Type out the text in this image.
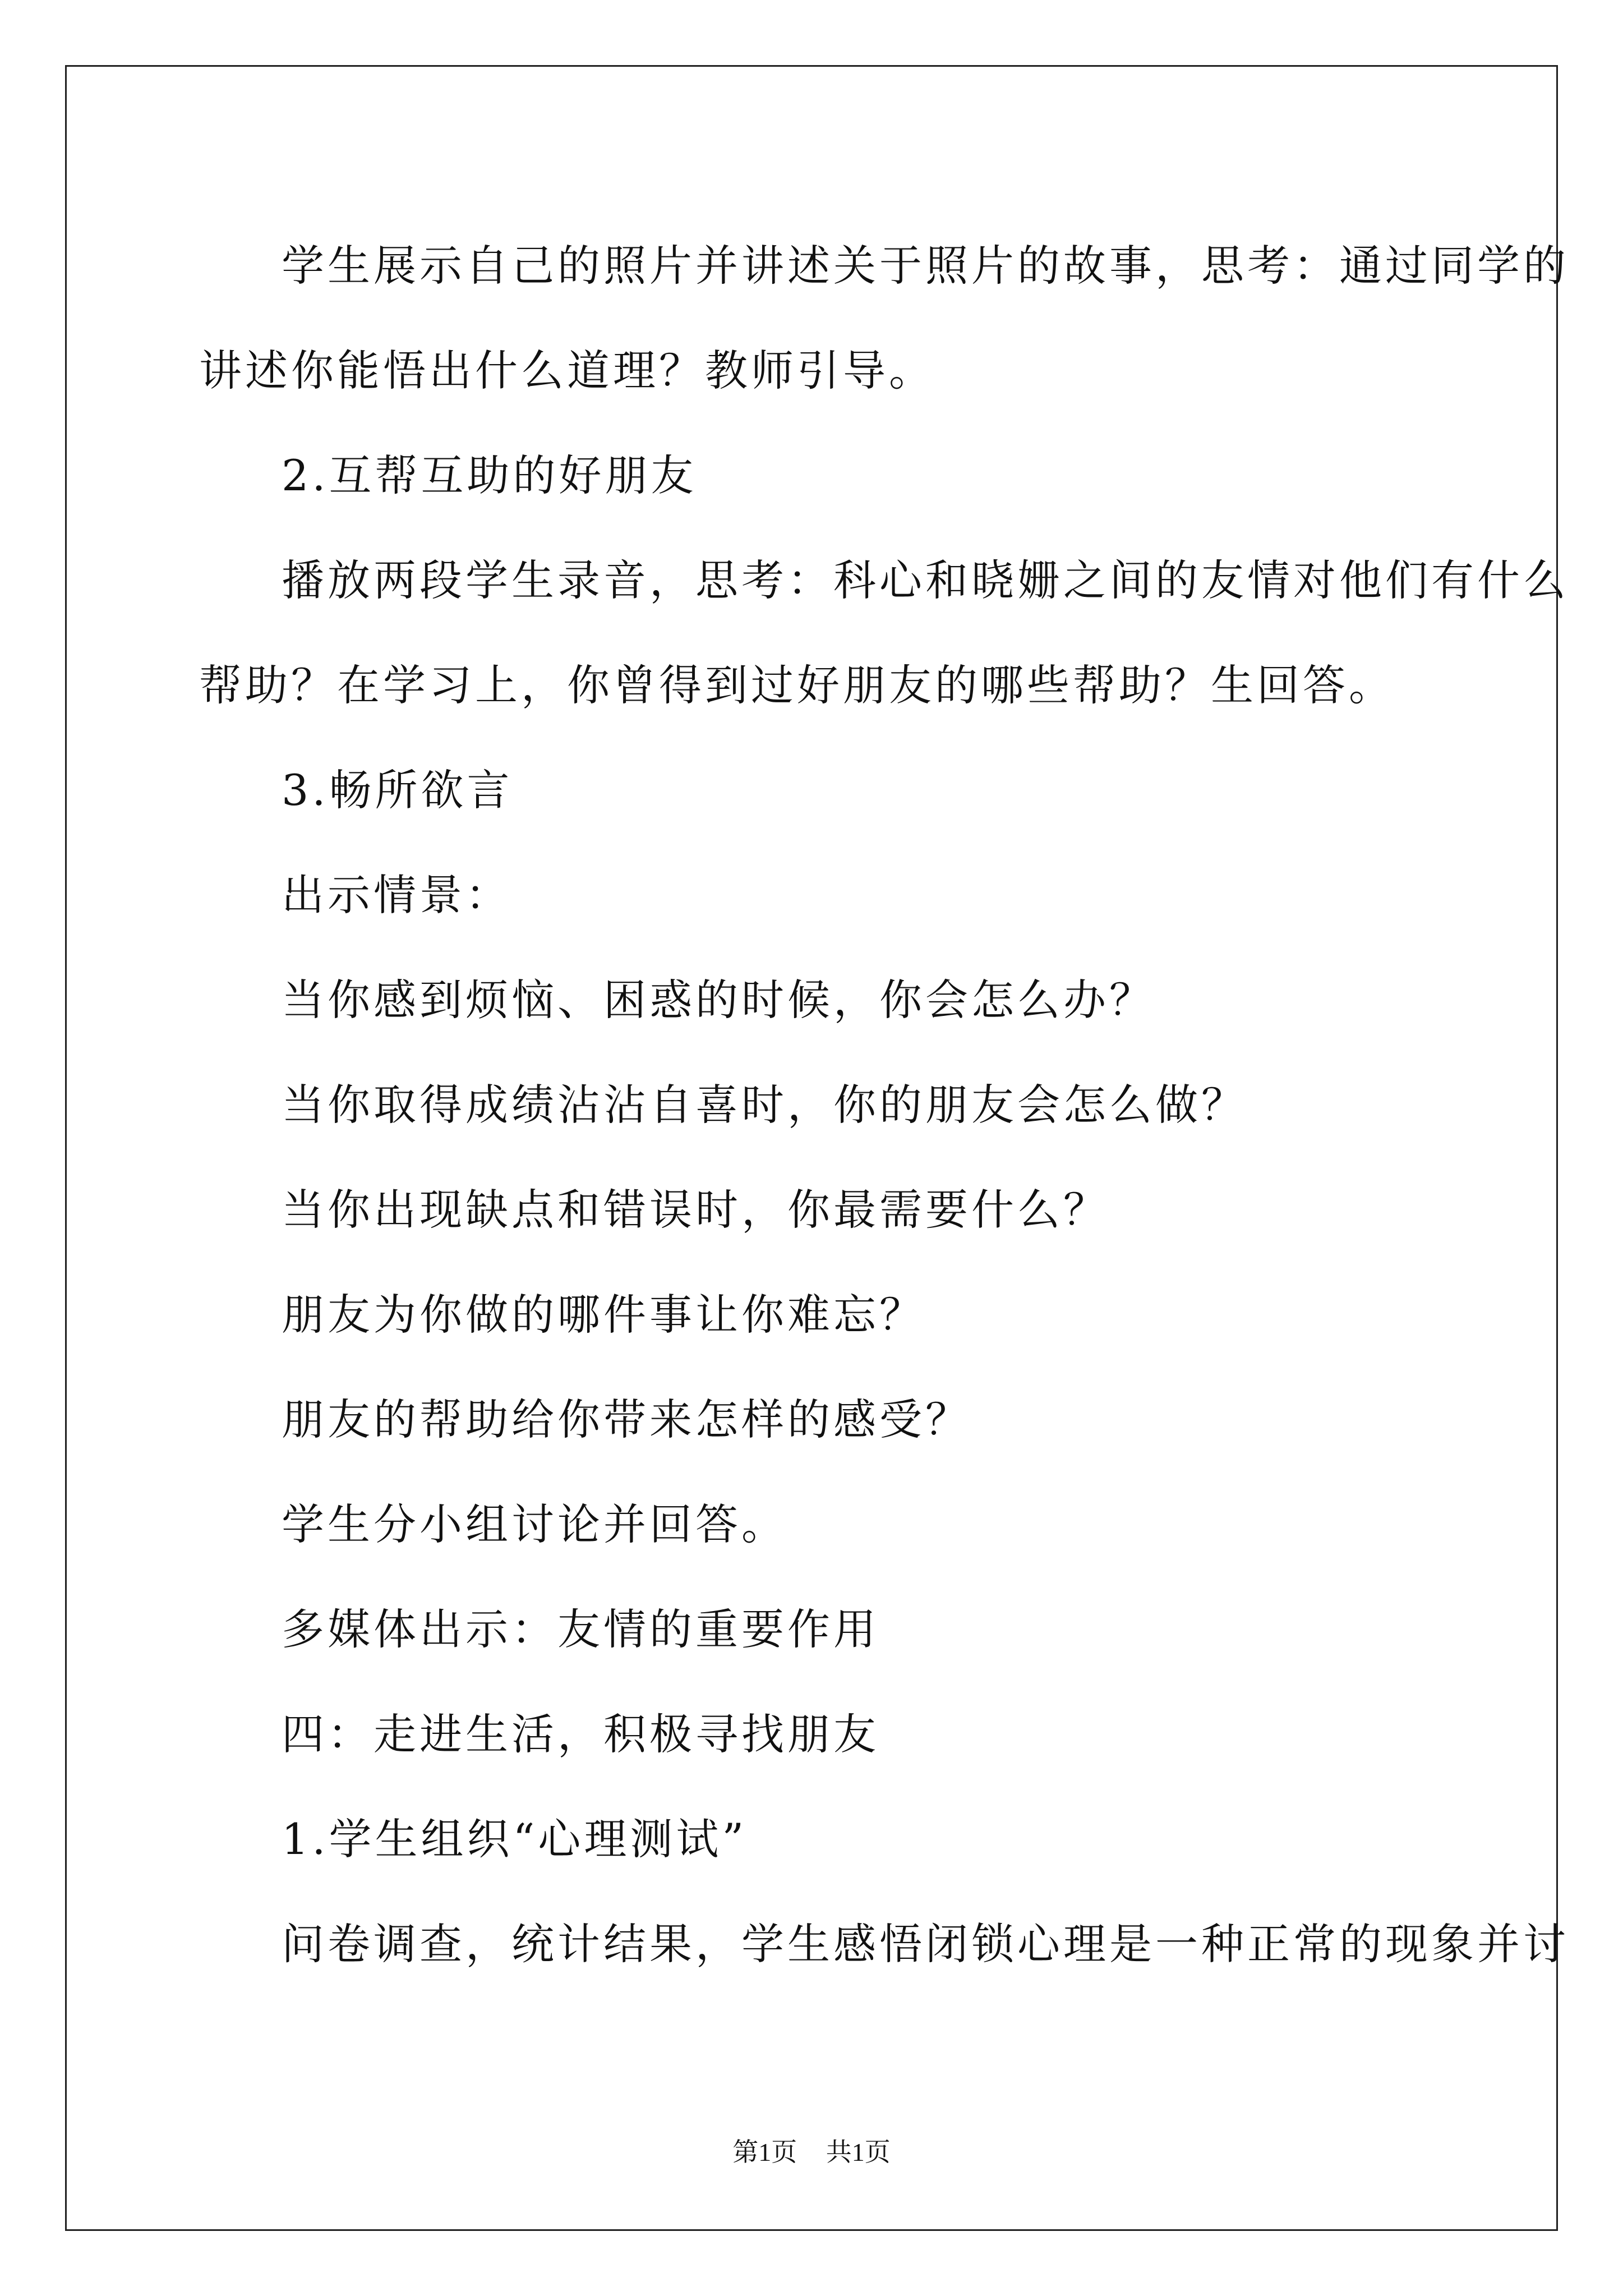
学生展示自己的照片并讲述关于照片的故事，思考：通过同学的

讲述你能悟出什么道理？教师引导。

2.互帮互助的好朋友

播放两段学生录音，思考：科心和晓姗之间的友情对他们有什么

帮助？在学习上，你曾得到过好朋友的哪些帮助？生回答。

3.畅所欲言

出示情景：

当你感到烦恼、困惑的时候，你会怎么办？

当你取得成绩沾沾自喜时，你的朋友会怎么做？

当你出现缺点和错误时，你最需要什么？

朋友为你做的哪件事让你难忘？

朋友的帮助给你带来怎样的感受？

学生分小组讨论并回答。

多媒体出示：友情的重要作用

四：走进生活，积极寻找朋友

1.学生组织“心理测试”

问卷调查，统计结果，学生感悟闭锁心理是一种正常的现象并讨

第1页 共1页
